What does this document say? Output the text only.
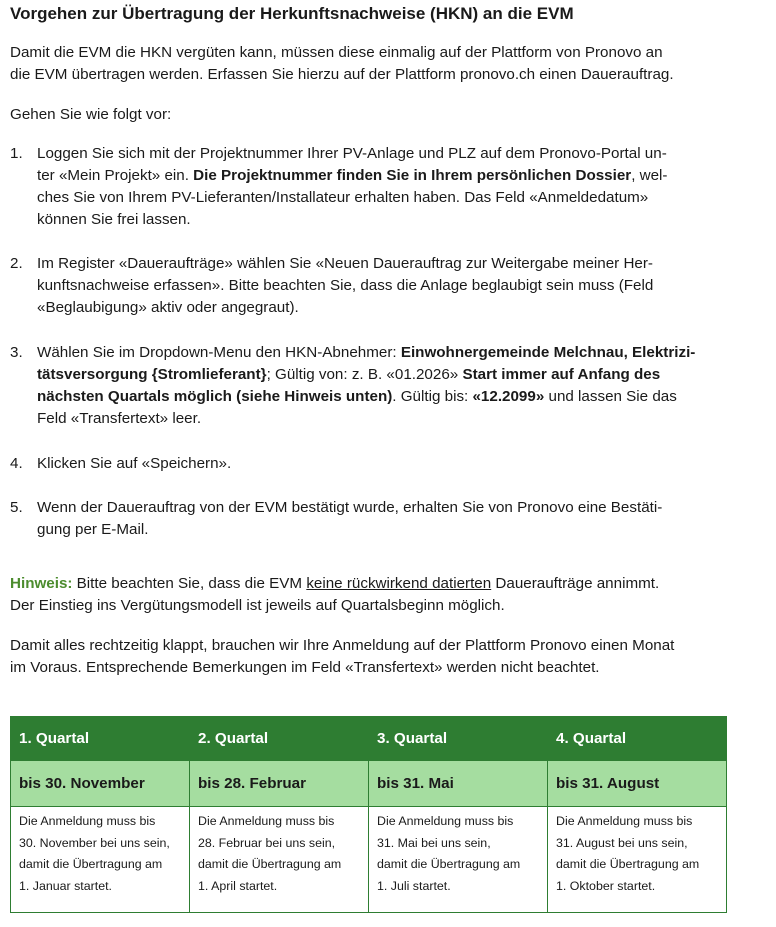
Vorgehen zur Übertragung der Herkunftsnachweise (HKN) an die EVM
Damit die EVM die HKN vergüten kann, müssen diese einmalig auf der Plattform von Pronovo an
die EVM übertragen werden. Erfassen Sie hierzu auf der Plattform pronovo.ch einen Dauerauftrag.
Gehen Sie wie folgt vor:
1. Loggen Sie sich mit der Projektnummer Ihrer PV-Anlage und PLZ auf dem Pronovo-Portal un-
ter «Mein Projekt» ein. Die Projektnummer finden Sie in Ihrem persönlichen Dossier, wel-
ches Sie von Ihrem PV-Lieferanten/Installateur erhalten haben. Das Feld «Anmeldedatum»
können Sie frei lassen.
2. Im Register «Daueraufträge» wählen Sie «Neuen Dauerauftrag zur Weitergabe meiner Her-
kunftsnachweise erfassen». Bitte beachten Sie, dass die Anlage beglaubigt sein muss (Feld
«Beglaubigung» aktiv oder angegraut).
3. Wählen Sie im Dropdown-Menu den HKN-Abnehmer: Einwohnergemeinde Melchnau, Elektrizi-
tätsversorgung {Stromlieferant}; Gültig von: z. B. «01.2026» Start immer auf Anfang des
nächsten Quartals möglich (siehe Hinweis unten). Gültig bis: «12.2099» und lassen Sie das
Feld «Transfertext» leer.
4. Klicken Sie auf «Speichern».
5. Wenn der Dauerauftrag von der EVM bestätigt wurde, erhalten Sie von Pronovo eine Bestäti-
gung per E-Mail.
Hinweis: Bitte beachten Sie, dass die EVM keine rückwirkend datierten Daueraufträge annimmt.
Der Einstieg ins Vergütungsmodell ist jeweils auf Quartalsbeginn möglich.
Damit alles rechtzeitig klappt, brauchen wir Ihre Anmeldung auf der Plattform Pronovo einen Monat
im Voraus. Entsprechende Bemerkungen im Feld «Transfertext» werden nicht beachtet.
1. Quartal	2. Quartal	3. Quartal	4. Quartal
bis 30. November	bis 28. Februar	bis 31. Mai	bis 31. August

Die Anmeldung muss bis
30. November bei uns sein,
damit die Übertragung am
1. Januar startet.	Die Anmeldung muss bis
28. Februar bei uns sein,
damit die Übertragung am
1. April startet.	Die Anmeldung muss bis
31. Mai bei uns sein,
damit die Übertragung am
1. Juli startet.	Die Anmeldung muss bis
31. August bei uns sein,
damit die Übertragung am
1. Oktober startet.
